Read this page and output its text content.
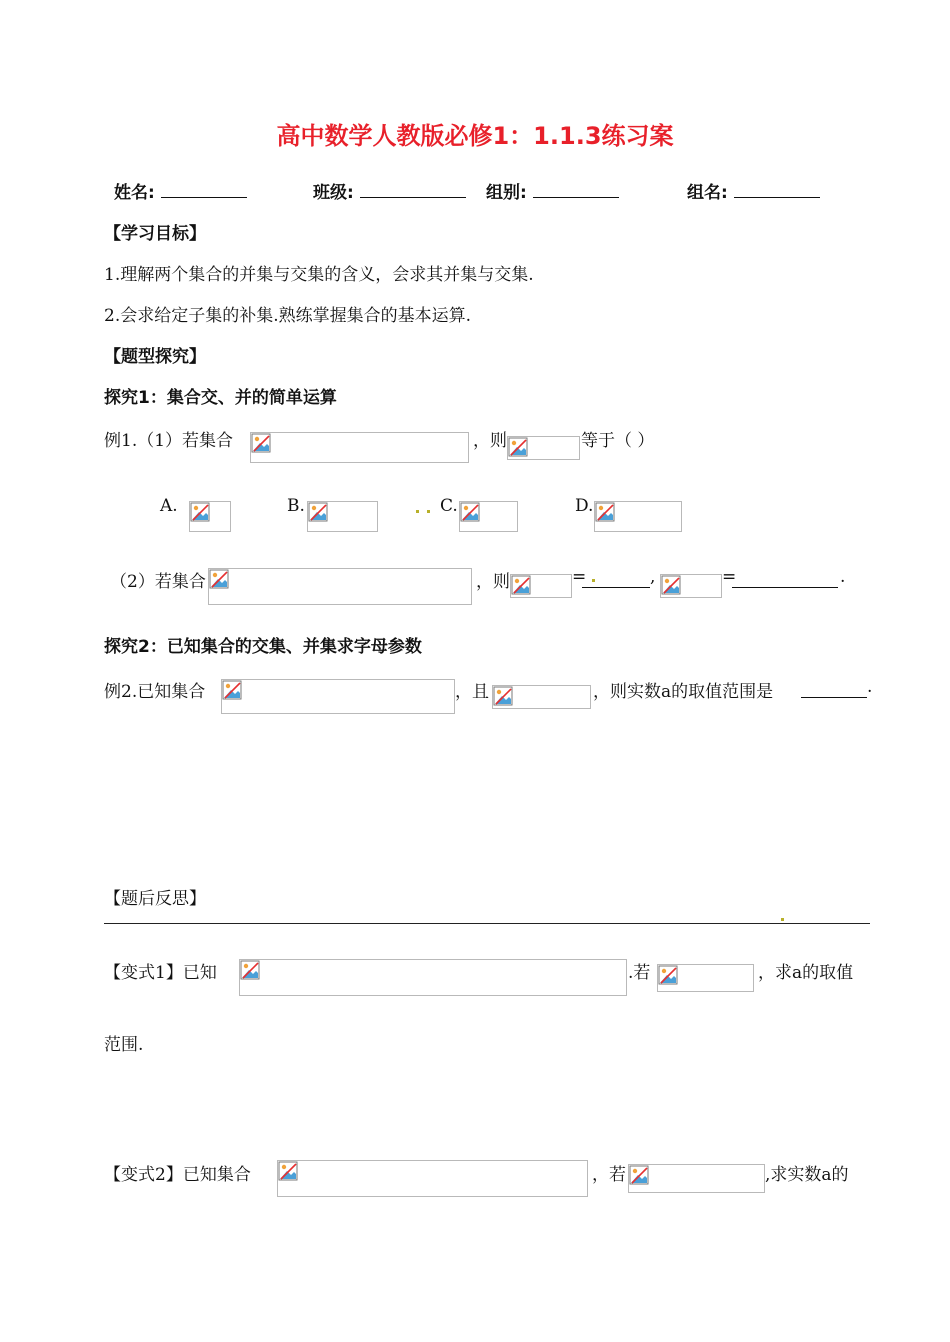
高中数学人教版必修1：1.1.3练习案
姓名:	班级:	组别:	组名:
【学习目标】
1.理解两个集合的并集与交集的含义，会求其并集与交集.
2.会求给定子集的补集.熟练掌握集合的基本运算.
【题型探究】
探究1：集合交、并的简单运算
例1.（1）若集合	，则	等于（ ）
A.	B.	C.	D.
（2）若集合	，则	=	,	=	.
探究2：已知集合的交集、并集求字母参数
例2.已知集合	，且	，则实数a的取值范围是	.
【题后反思】
【变式1】已知	.若	，求a的取值
范围.
【变式2】已知集合	，若	,求实数a的
